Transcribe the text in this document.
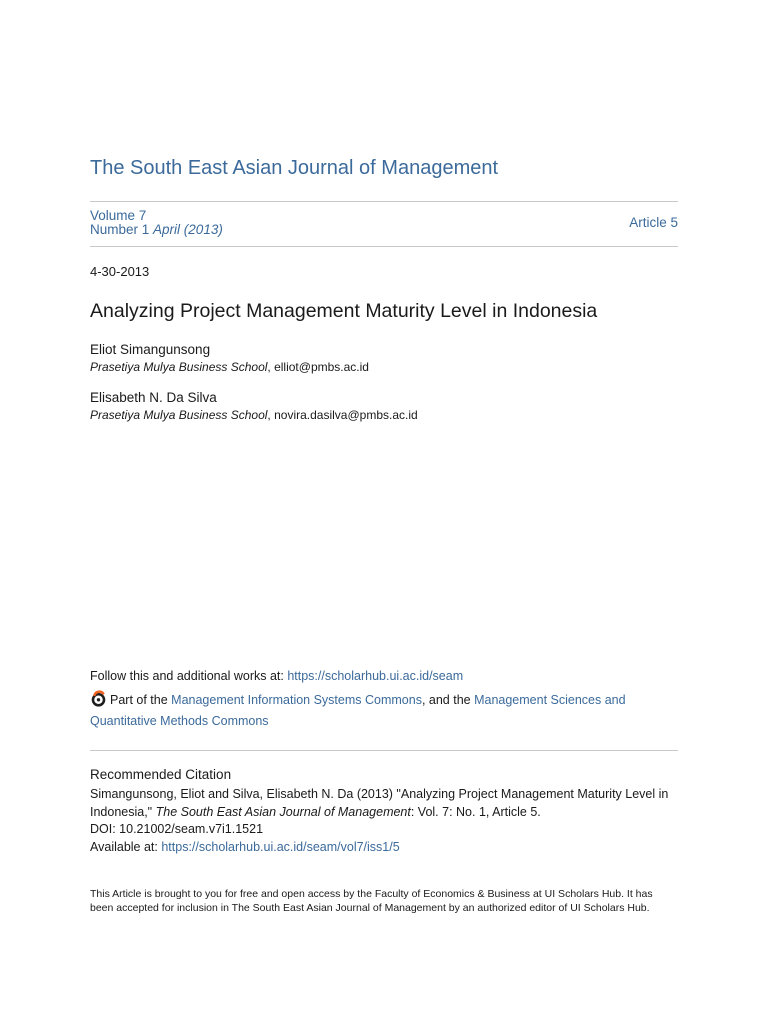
The South East Asian Journal of Management
Volume 7
Number 1 April (2013)	Article 5
4-30-2013
Analyzing Project Management Maturity Level in Indonesia
Eliot Simangunsong
Prasetiya Mulya Business School, elliot@pmbs.ac.id
Elisabeth N. Da Silva
Prasetiya Mulya Business School, novira.dasilva@pmbs.ac.id
Follow this and additional works at: https://scholarhub.ui.ac.id/seam
Part of the Management Information Systems Commons, and the Management Sciences and Quantitative Methods Commons
Recommended Citation
Simangunsong, Eliot and Silva, Elisabeth N. Da (2013) "Analyzing Project Management Maturity Level in Indonesia," The South East Asian Journal of Management: Vol. 7: No. 1, Article 5.
DOI: 10.21002/seam.v7i1.1521
Available at: https://scholarhub.ui.ac.id/seam/vol7/iss1/5
This Article is brought to you for free and open access by the Faculty of Economics & Business at UI Scholars Hub. It has been accepted for inclusion in The South East Asian Journal of Management by an authorized editor of UI Scholars Hub.
